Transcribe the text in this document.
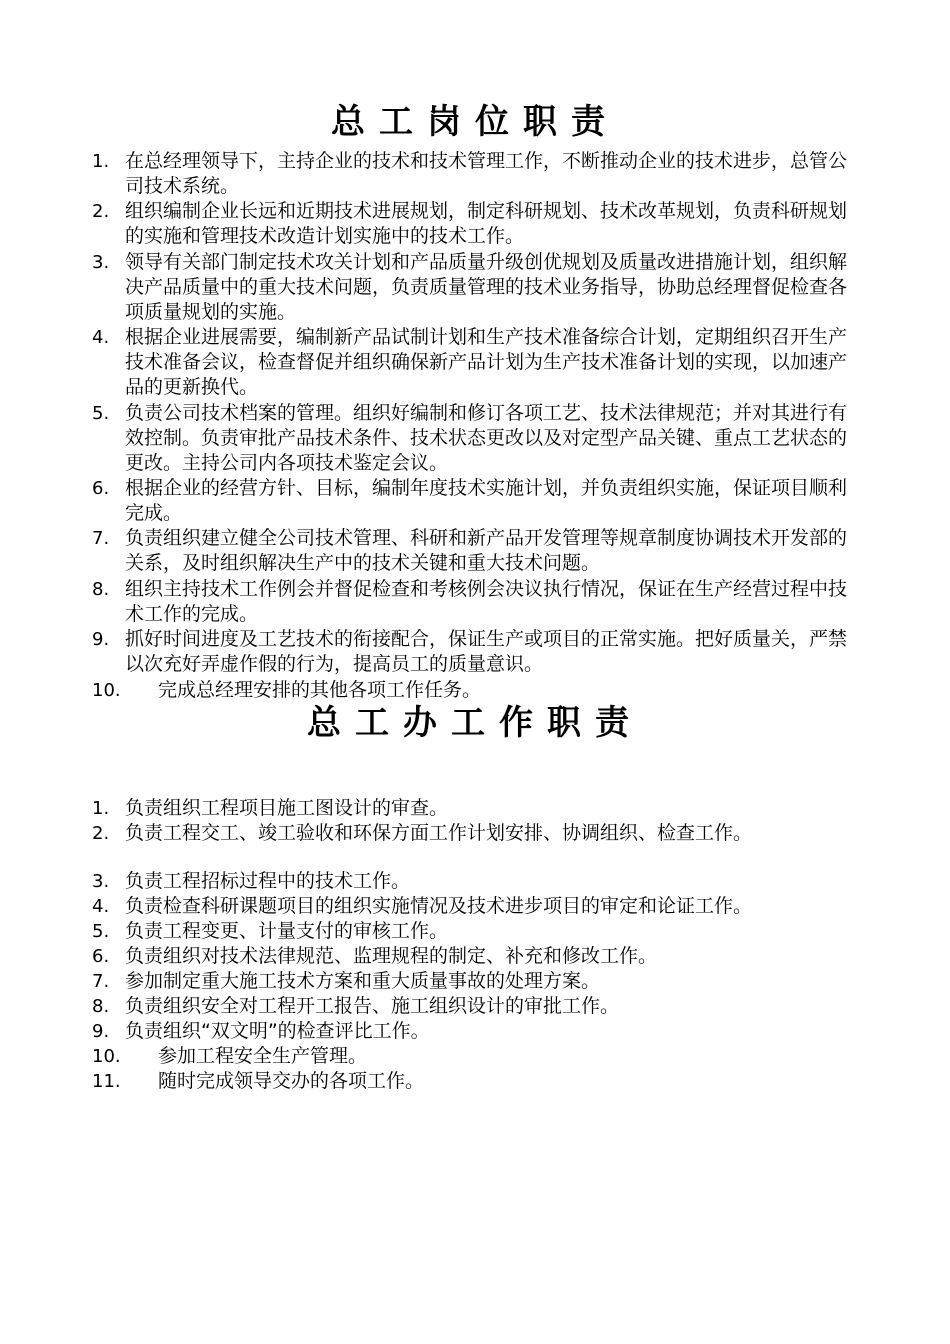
总工岗位职责
1. 在总经理领导下，主持企业的技术和技术管理工作，不断推动企业的技术进步，总管公司技术系统。
2. 组织编制企业长远和近期技术进展规划，制定科研规划、技术改革规划，负责科研规划的实施和管理技术改造计划实施中的技术工作。
3. 领导有关部门制定技术攻关计划和产品质量升级创优规划及质量改进措施计划，组织解决产品质量中的重大技术问题，负责质量管理的技术业务指导，协助总经理督促检查各项质量规划的实施。
4. 根据企业进展需要，编制新产品试制计划和生产技术准备综合计划，定期组织召开生产技术准备会议，检查督促并组织确保新产品计划为生产技术准备计划的实现，以加速产品的更新换代。
5. 负责公司技术档案的管理。组织好编制和修订各项工艺、技术法律规范；并对其进行有效控制。负责审批产品技术条件、技术状态更改以及对定型产品关键、重点工艺状态的更改。主持公司内各项技术鉴定会议。
6. 根据企业的经营方针、目标，编制年度技术实施计划，并负责组织实施，保证项目顺利完成。
7. 负责组织建立健全公司技术管理、科研和新产品开发管理等规章制度协调技术开发部的关系，及时组织解决生产中的技术关键和重大技术问题。
8. 组织主持技术工作例会并督促检查和考核例会决议执行情况，保证在生产经营过程中技术工作的完成。
9. 抓好时间进度及工艺技术的衔接配合，保证生产或项目的正常实施。把好质量关，严禁以次充好弄虚作假的行为，提高员工的质量意识。
10. 完成总经理安排的其他各项工作任务。
总工办工作职责
1. 负责组织工程项目施工图设计的审查。
2. 负责工程交工、竣工验收和环保方面工作计划安排、协调组织、检查工作。
3. 负责工程招标过程中的技术工作。
4. 负责检查科研课题项目的组织实施情况及技术进步项目的审定和论证工作。
5. 负责工程变更、计量支付的审核工作。
6. 负责组织对技术法律规范、监理规程的制定、补充和修改工作。
7. 参加制定重大施工技术方案和重大质量事故的处理方案。
8. 负责组织安全对工程开工报告、施工组织设计的审批工作。
9. 负责组织“双文明”的检查评比工作。
10. 参加工程安全生产管理。
11. 随时完成领导交办的各项工作。
